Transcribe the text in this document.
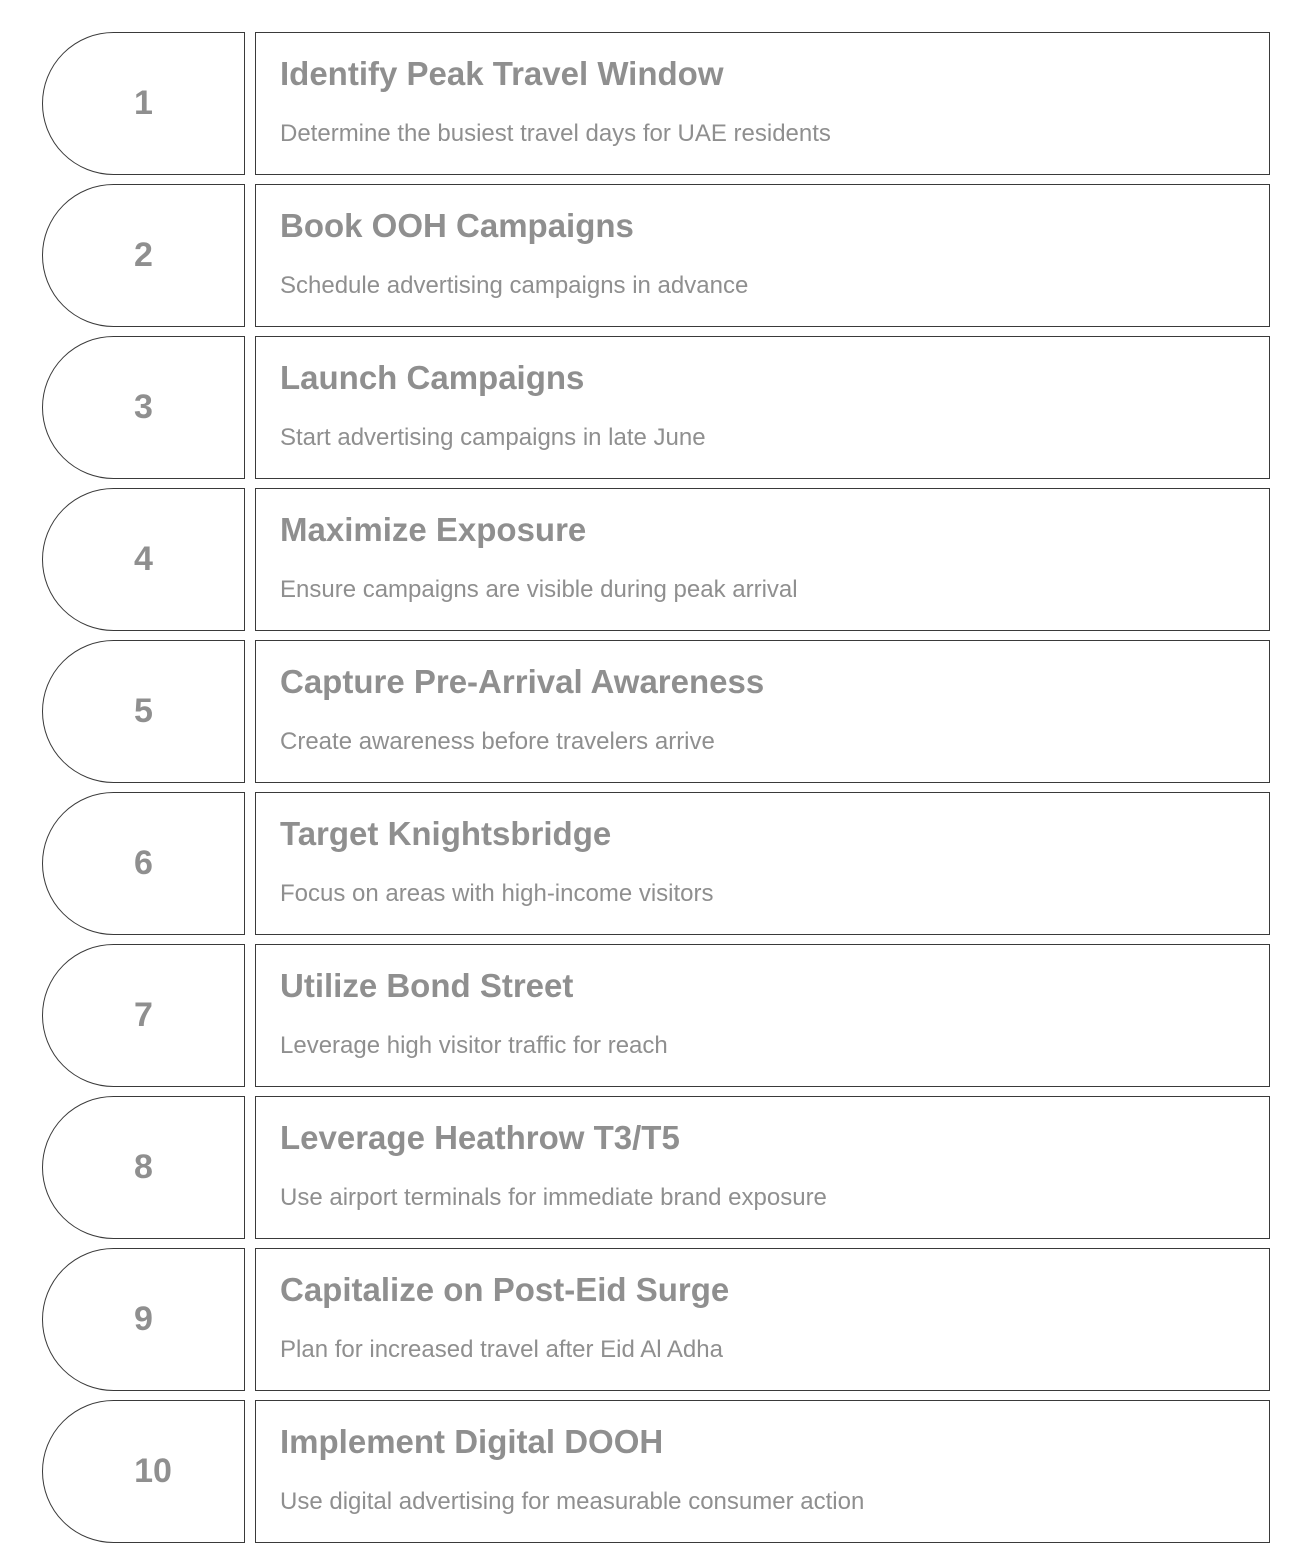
1
Identify Peak Travel Window
Determine the busiest travel days for UAE residents
2
Book OOH Campaigns
Schedule advertising campaigns in advance
3
Launch Campaigns
Start advertising campaigns in late June
4
Maximize Exposure
Ensure campaigns are visible during peak arrival
5
Capture Pre-Arrival Awareness
Create awareness before travelers arrive
6
Target Knightsbridge
Focus on areas with high-income visitors
7
Utilize Bond Street
Leverage high visitor traffic for reach
8
Leverage Heathrow T3/T5
Use airport terminals for immediate brand exposure
9
Capitalize on Post-Eid Surge
Plan for increased travel after Eid Al Adha
10
Implement Digital DOOH
Use digital advertising for measurable consumer action
